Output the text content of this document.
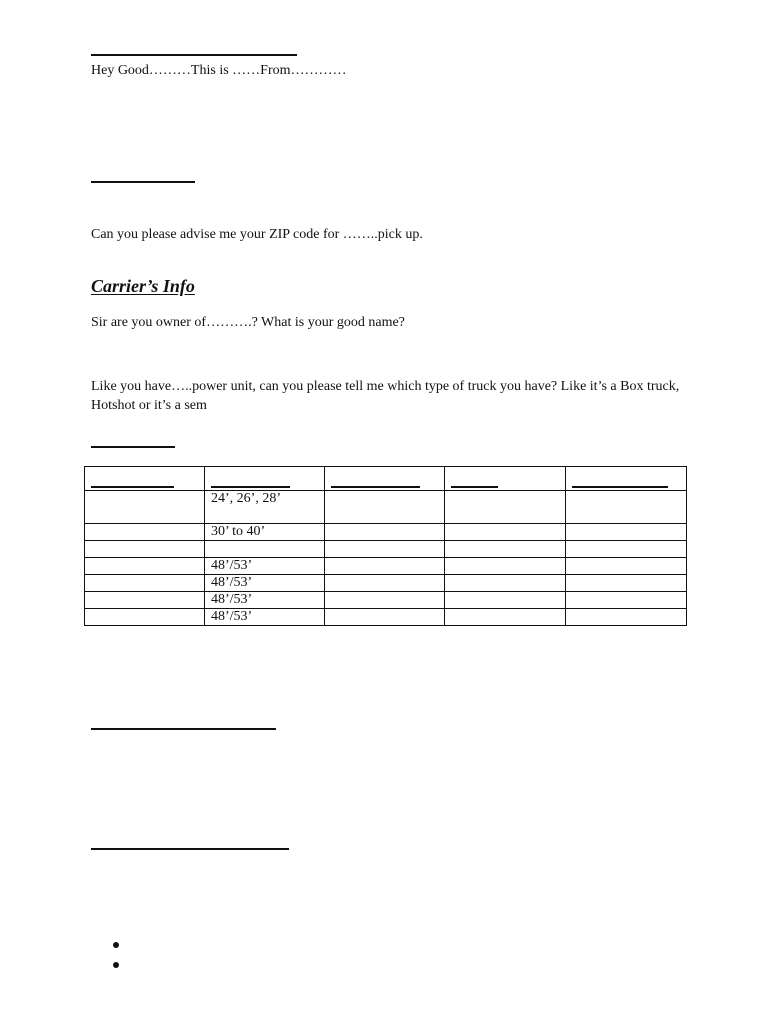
Hey Good………This is ……From…………
Can you please advise me your ZIP code for ……..pick up.
Carrier’s Info
Sir are you owner of……….? What is your good name?
Like you have…..power unit, can you please tell me which type of truck you have? Like it’s a Box truck, Hotshot or it’s a sem

	24’, 26’, 28’			
	30’ to 40’			

	48’/53’			
	48’/53’			
	48’/53’			
	48’/53’			
